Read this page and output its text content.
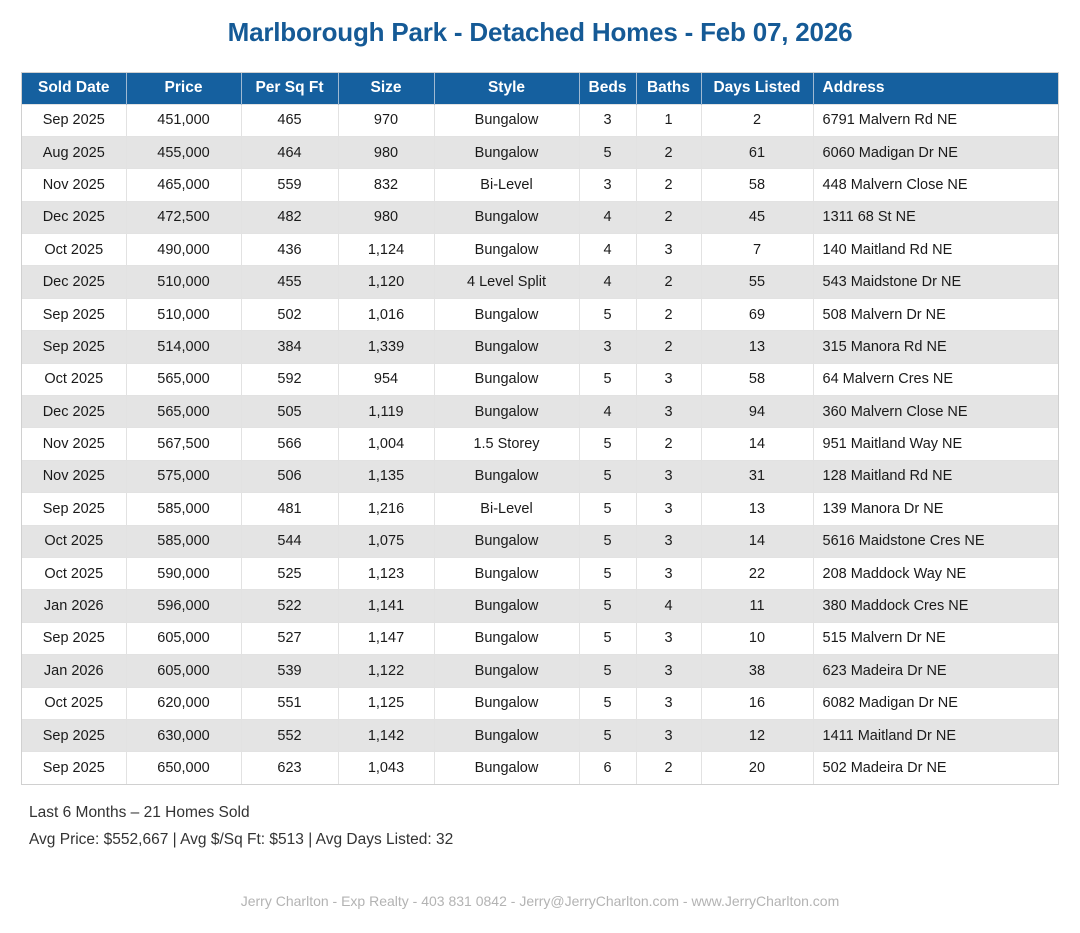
Marlborough Park - Detached Homes - Feb 07, 2026
Sold Date	Price	Per Sq Ft	Size	Style	Beds	Baths	Days Listed	Address
Sep 2025	451,000	465	970	Bungalow	3	1	2	6791 Malvern Rd NE
Aug 2025	455,000	464	980	Bungalow	5	2	61	6060 Madigan Dr NE
Nov 2025	465,000	559	832	Bi-Level	3	2	58	448 Malvern Close NE
Dec 2025	472,500	482	980	Bungalow	4	2	45	1311 68 St NE
Oct 2025	490,000	436	1,124	Bungalow	4	3	7	140 Maitland Rd NE
Dec 2025	510,000	455	1,120	4 Level Split	4	2	55	543 Maidstone Dr NE
Sep 2025	510,000	502	1,016	Bungalow	5	2	69	508 Malvern Dr NE
Sep 2025	514,000	384	1,339	Bungalow	3	2	13	315 Manora Rd NE
Oct 2025	565,000	592	954	Bungalow	5	3	58	64 Malvern Cres NE
Dec 2025	565,000	505	1,119	Bungalow	4	3	94	360 Malvern Close NE
Nov 2025	567,500	566	1,004	1.5 Storey	5	2	14	951 Maitland Way NE
Nov 2025	575,000	506	1,135	Bungalow	5	3	31	128 Maitland Rd NE
Sep 2025	585,000	481	1,216	Bi-Level	5	3	13	139 Manora Dr NE
Oct 2025	585,000	544	1,075	Bungalow	5	3	14	5616 Maidstone Cres NE
Oct 2025	590,000	525	1,123	Bungalow	5	3	22	208 Maddock Way NE
Jan 2026	596,000	522	1,141	Bungalow	5	4	11	380 Maddock Cres NE
Sep 2025	605,000	527	1,147	Bungalow	5	3	10	515 Malvern Dr NE
Jan 2026	605,000	539	1,122	Bungalow	5	3	38	623 Madeira Dr NE
Oct 2025	620,000	551	1,125	Bungalow	5	3	16	6082 Madigan Dr NE
Sep 2025	630,000	552	1,142	Bungalow	5	3	12	1411 Maitland Dr NE
Sep 2025	650,000	623	1,043	Bungalow	6	2	20	502 Madeira Dr NE
Last 6 Months – 21 Homes Sold
Avg Price: $552,667 | Avg $/Sq Ft: $513 | Avg Days Listed: 32
Jerry Charlton - Exp Realty - 403 831 0842 - Jerry@JerryCharlton.com - www.JerryCharlton.com
